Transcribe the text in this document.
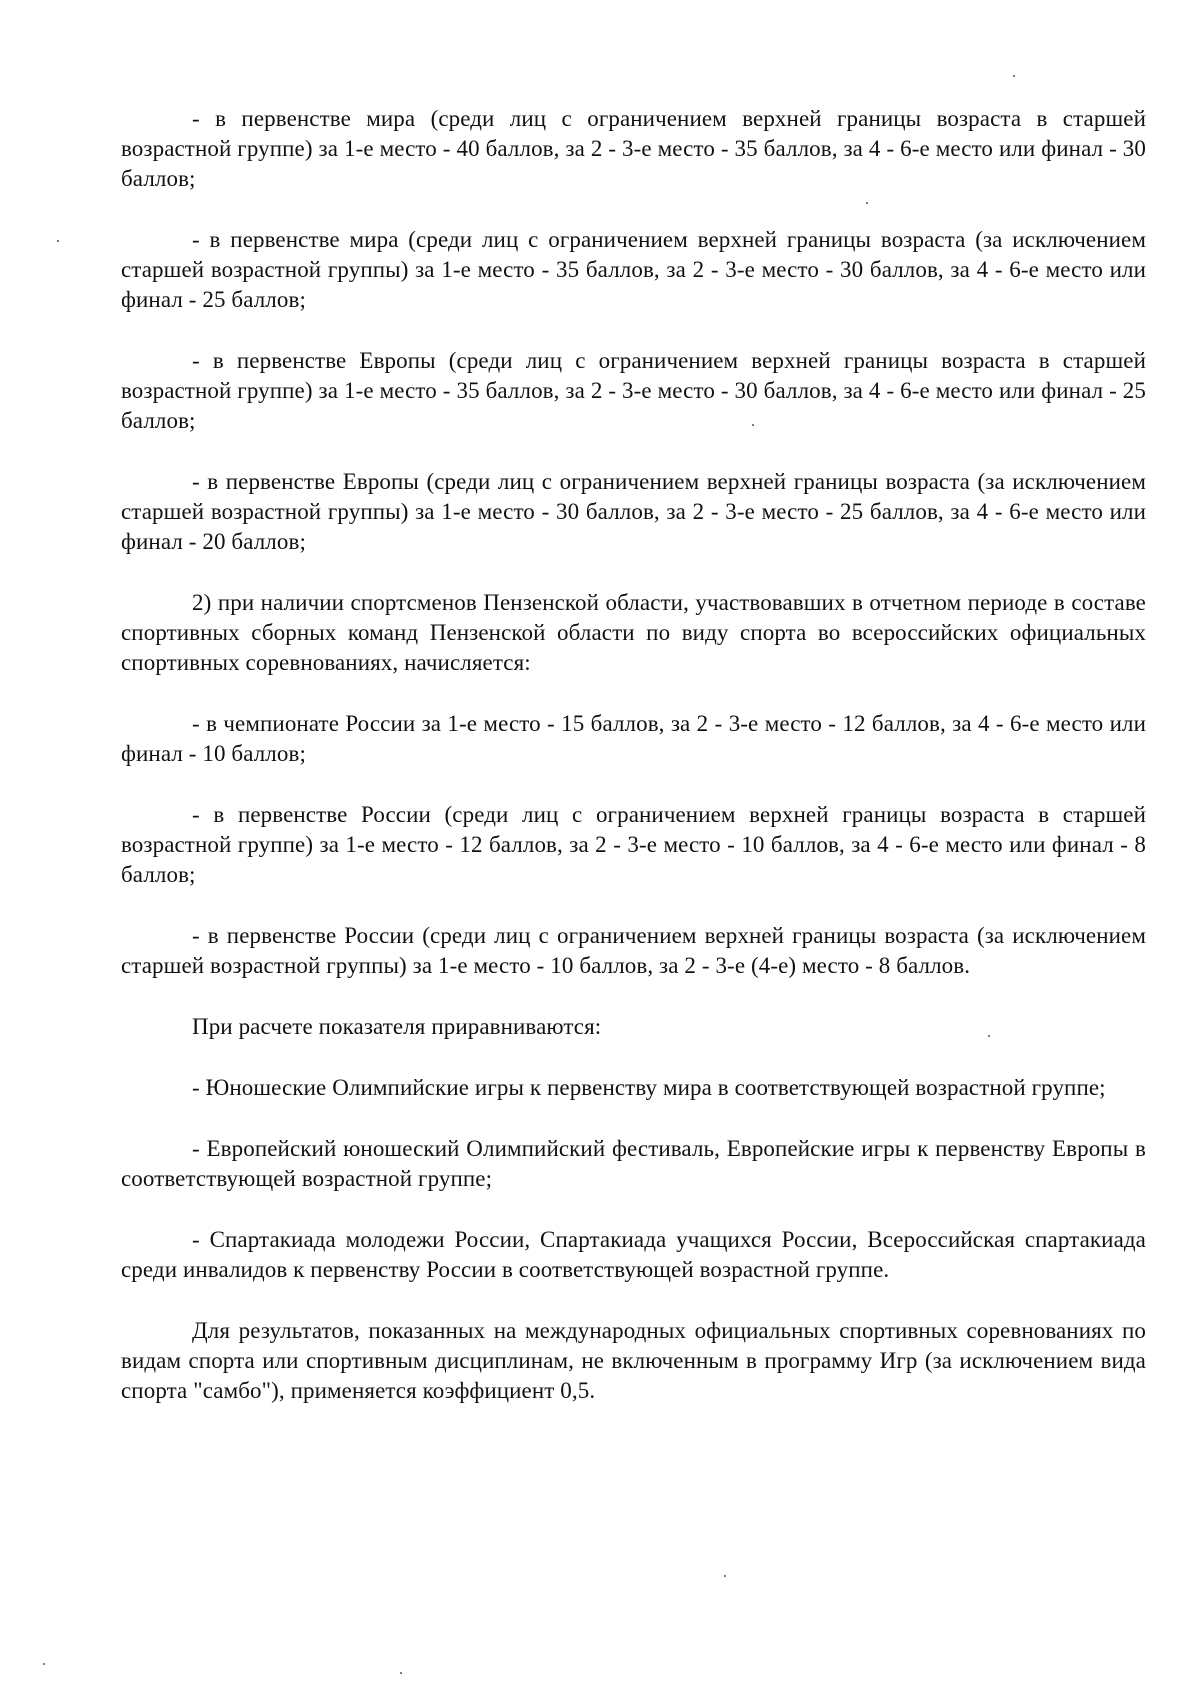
- в первенстве мира (среди лиц с ограничением верхней границы возраста в старшей возрастной группе) за 1-е место - 40 баллов, за 2 - 3-е место - 35 баллов, за 4 - 6-е место или финал - 30 баллов;

- в первенстве мира (среди лиц с ограничением верхней границы возраста (за исключением старшей возрастной группы) за 1-е место - 35 баллов, за 2 - 3-е место - 30 баллов, за 4 - 6-е место или финал - 25 баллов;

- в первенстве Европы (среди лиц с ограничением верхней границы возраста в старшей возрастной группе) за 1-е место - 35 баллов, за 2 - 3-е место - 30 баллов, за 4 - 6-е место или финал - 25 баллов;

- в первенстве Европы (среди лиц с ограничением верхней границы возраста (за исключением старшей возрастной группы) за 1-е место - 30 баллов, за 2 - 3-е место - 25 баллов, за 4 - 6-е место или финал - 20 баллов;

2) при наличии спортсменов Пензенской области, участвовавших в отчетном периоде в составе спортивных сборных команд Пензенской области по виду спорта во всероссийских официальных спортивных соревнованиях, начисляется:

- в чемпионате России за 1-е место - 15 баллов, за 2 - 3-е место - 12 баллов, за 4 - 6-е место или финал - 10 баллов;

- в первенстве России (среди лиц с ограничением верхней границы возраста в старшей возрастной группе) за 1-е место - 12 баллов, за 2 - 3-е место - 10 баллов, за 4 - 6-е место или финал - 8 баллов;

- в первенстве России (среди лиц с ограничением верхней границы возраста (за исключением старшей возрастной группы) за 1-е место - 10 баллов, за 2 - 3-е (4-е) место - 8 баллов.

При расчете показателя приравниваются:

- Юношеские Олимпийские игры к первенству мира в соответствующей возрастной группе;

- Европейский юношеский Олимпийский фестиваль, Европейские игры к первенству Европы в соответствующей возрастной группе;

- Спартакиада молодежи России, Спартакиада учащихся России, Всероссийская спартакиада среди инвалидов к первенству России в соответствующей возрастной группе.

Для результатов, показанных на международных официальных спортивных соревнованиях по видам спорта или спортивным дисциплинам, не включенным в программу Игр (за исключением вида спорта "самбо"), применяется коэффициент 0,5.
